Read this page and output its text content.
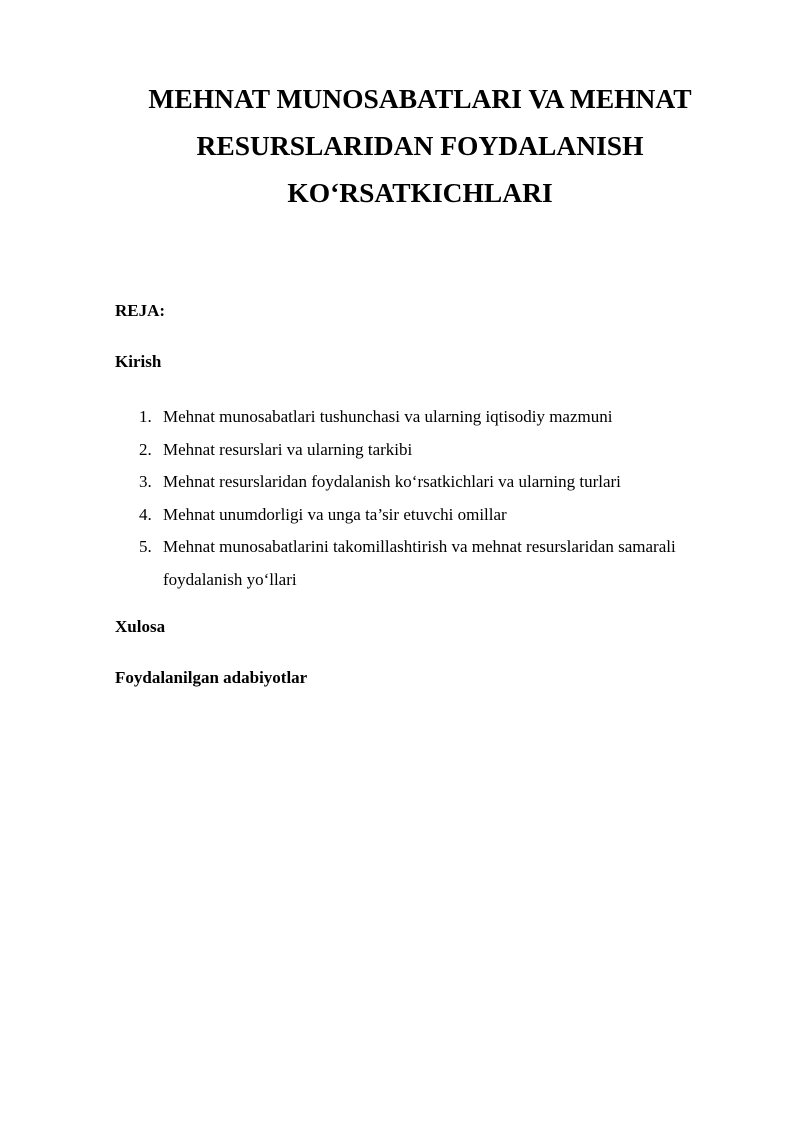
MEHNAT MUNOSABATLARI VA MEHNAT
RESURSLARIDAN FOYDALANISH
KO‘RSATKICHLARI

REJA:

Kirish

1. Mehnat munosabatlari tushunchasi va ularning iqtisodiy mazmuni
2. Mehnat resurslari va ularning tarkibi
3. Mehnat resurslaridan foydalanish ko‘rsatkichlari va ularning turlari
4. Mehnat unumdorligi va unga ta’sir etuvchi omillar
5. Mehnat munosabatlarini takomillashtirish va mehnat resurslaridan samarali foydalanish yo‘llari

Xulosa

Foydalanilgan adabiyotlar
